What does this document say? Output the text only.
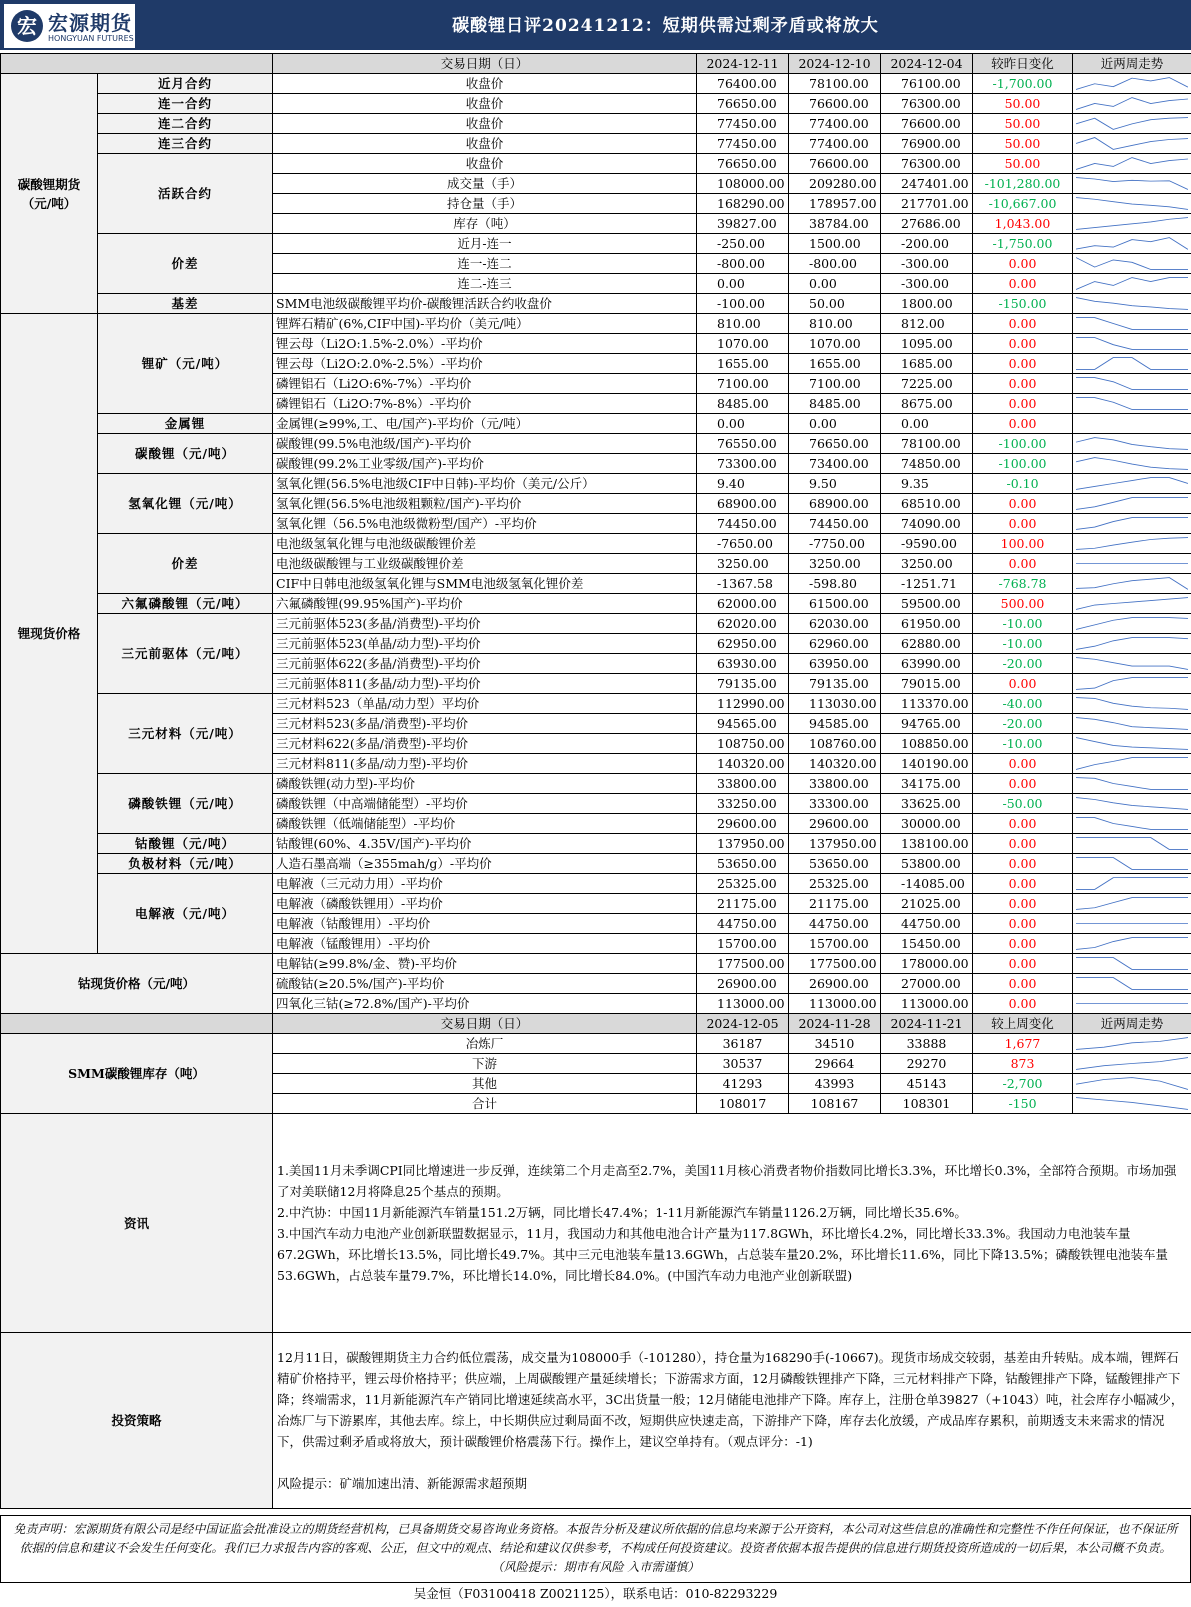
宏 宏源期货
HONGYUAN FUTURES
碳酸锂日评20241212：短期供需过剩矛盾或将放大
		交易日期（日）	2024-12-11	2024-12-10	2024-12-04	较昨日变化	近两周走势
碳酸锂期货
（元/吨）	近月合约	收盘价	76400.00	78100.00	76100.00	-1,700.00	

	连一合约	收盘价	76650.00	76600.00	76300.00	50.00	

	连二合约	收盘价	77450.00	77400.00	76600.00	50.00	

	连三合约	收盘价	77450.00	77400.00	76900.00	50.00	

	活跃合约	收盘价	76650.00	76600.00	76300.00	50.00	

		成交量（手）	108000.00	209280.00	247401.00	-101,280.00	

		持仓量（手）	168290.00	178957.00	217701.00	-10,667.00	

		库存（吨）	39827.00	38784.00	27686.00	1,043.00	

	价差	近月-连一	-250.00	1500.00	-200.00	-1,750.00	

		连一-连二	-800.00	-800.00	-300.00	0.00	

		连二-连三	0.00	0.00	-300.00	0.00	

	基差	SMM电池级碳酸锂平均价-碳酸锂活跃合约收盘价	-100.00	50.00	1800.00	-150.00	

锂现货价格	锂矿（元/吨）	锂辉石精矿(6%,CIF中国)-平均价（美元/吨）	810.00	810.00	812.00	0.00	

		锂云母（Li2O:1.5%-2.0%）-平均价	1070.00	1070.00	1095.00	0.00	

		锂云母（Li2O:2.0%-2.5%）-平均价	1655.00	1655.00	1685.00	0.00	

		磷锂铝石（Li2O:6%-7%）-平均价	7100.00	7100.00	7225.00	0.00	

		磷锂铝石（Li2O:7%-8%）-平均价	8485.00	8485.00	8675.00	0.00	

	金属锂	金属锂(≥99%,工、电/国产)-平均价（元/吨）	0.00	0.00	0.00	0.00	
	碳酸锂（元/吨）	碳酸锂(99.5%电池级/国产)-平均价	76550.00	76650.00	78100.00	-100.00	

		碳酸锂(99.2%工业零级/国产)-平均价	73300.00	73400.00	74850.00	-100.00	

	氢氧化锂（元/吨）	氢氧化锂(56.5%电池级CIF中日韩)-平均价（美元/公斤）	9.40	9.50	9.35	-0.10	

		氢氧化锂(56.5%电池级粗颗粒/国产)-平均价	68900.00	68900.00	68510.00	0.00	

		氢氧化锂（56.5%电池级微粉型/国产）-平均价	74450.00	74450.00	74090.00	0.00	

	价差	电池级氢氧化锂与电池级碳酸锂价差	-7650.00	-7750.00	-9590.00	100.00	

		电池级碳酸锂与工业级碳酸锂价差	3250.00	3250.00	3250.00	0.00	

		CIF中日韩电池级氢氧化锂与SMM电池级氢氧化锂价差	-1367.58	-598.80	-1251.71	-768.78	

	六氟磷酸锂（元/吨）	六氟磷酸锂(99.95%国产)-平均价	62000.00	61500.00	59500.00	500.00	

	三元前驱体（元/吨）	三元前驱体523(多晶/消费型)-平均价	62020.00	62030.00	61950.00	-10.00	

		三元前驱体523(单晶/动力型)-平均价	62950.00	62960.00	62880.00	-10.00	

		三元前驱体622(多晶/消费型)-平均价	63930.00	63950.00	63990.00	-20.00	

		三元前驱体811(多晶/动力型)-平均价	79135.00	79135.00	79015.00	0.00	

	三元材料（元/吨）	三元材料523（单晶/动力型）平均价	112990.00	113030.00	113370.00	-40.00	

		三元材料523(多晶/消费型)-平均价	94565.00	94585.00	94765.00	-20.00	

		三元材料622(多晶/消费型)-平均价	108750.00	108760.00	108850.00	-10.00	

		三元材料811(多晶/动力型)-平均价	140320.00	140320.00	140190.00	0.00	

	磷酸铁锂（元/吨）	磷酸铁锂(动力型)-平均价	33800.00	33800.00	34175.00	0.00	

		磷酸铁锂（中高端储能型）-平均价	33250.00	33300.00	33625.00	-50.00	

		磷酸铁锂（低端储能型）-平均价	29600.00	29600.00	30000.00	0.00	

	钴酸锂（元/吨）	钴酸锂(60%、4.35V/国产)-平均价	137950.00	137950.00	138100.00	0.00	

	负极材料（元/吨）	人造石墨高端（≥355mah/g）-平均价	53650.00	53650.00	53800.00	0.00	

	电解液（元/吨）	电解液（三元动力用）-平均价	25325.00	25325.00	-14085.00	0.00	

		电解液（磷酸铁锂用）-平均价	21175.00	21175.00	21025.00	0.00	

		电解液（钴酸锂用）-平均价	44750.00	44750.00	44750.00	0.00	

		电解液（锰酸锂用）-平均价	15700.00	15700.00	15450.00	0.00	

钴现货价格（元/吨）		电解钴(≥99.8%/金、赞)-平均价	177500.00	177500.00	178000.00	0.00	

		硫酸钴(≥20.5%/国产)-平均价	26900.00	26900.00	27000.00	0.00	

		四氧化三钴(≥72.8%/国产)-平均价	113000.00	113000.00	113000.00	0.00	

		交易日期（日）	2024-12-05	2024-11-28	2024-11-21	较上周变化	近两周走势
SMM碳酸锂库存（吨）		冶炼厂	36187	34510	33888	1,677	

		下游	30537	29664	29270	873	

		其他	41293	43993	45143	-2,700	

		合计	108017	108167	108301	-150	

资讯		1.美国11月未季调CPI同比增速进一步反弹，连续第二个月走高至2.7%，美国11月核心消费者物价指数同比增长3.3%，环比增长0.3%，全部符合预期。市场加强了对美联储12月将降息25个基点的预期。
2.中汽协：中国11月新能源汽车销量151.2万辆，同比增长47.4%；1-11月新能源汽车销量1126.2万辆，同比增长35.6%。
3.中国汽车动力电池产业创新联盟数据显示，11月，我国动力和其他电池合计产量为117.8GWh，环比增长4.2%，同比增长33.3%。我国动力电池装车量67.2GWh，环比增长13.5%，同比增长49.7%。其中三元电池装车量13.6GWh，占总装车量20.2%，环比增长11.6%，同比下降13.5%；磷酸铁锂电池装车量53.6GWh，占总装车量79.7%，环比增长14.0%，同比增长84.0%。(中国汽车动力电池产业创新联盟)					
投资策略		12月11日，碳酸锂期货主力合约低位震荡，成交量为108000手（-101280），持仓量为168290手(-10667)。现货市场成交较弱，基差由升转贴。成本端，锂辉石精矿价格持平，锂云母价格持平；供应端，上周碳酸锂产量延续增长；下游需求方面，12月磷酸铁锂排产下降，三元材料排产下降，钴酸锂排产下降，锰酸锂排产下降；终端需求，11月新能源汽车产销同比增速延续高水平，3C出货量一般；12月储能电池排产下降。库存上，注册仓单39827（+1043）吨，社会库存小幅减少，冶炼厂与下游累库，其他去库。综上，中长期供应过剩局面不改，短期供应快速走高，下游排产下降，库存去化放缓，产成品库存累积，前期透支未来需求的情况下，供需过剩矛盾或将放大，预计碳酸锂价格震荡下行。操作上，建议空单持有。（观点评分：-1)

风险提示：矿端加速出清、新能源需求超预期					
免责声明：宏源期货有限公司是经中国证监会批准设立的期货经营机构，已具备期货交易咨询业务资格。本报告分析及建议所依据的信息均来源于公开资料，本公司对这些信息的准确性和完整性不作任何保证，也不保证所依据的信息和建议不会发生任何变化。我们已力求报告内容的客观、公正，但文中的观点、结论和建议仅供参考，不构成任何投资建议。投资者依据本报告提供的信息进行期货投资所造成的一切后果，本公司概不负责。（风险提示：期市有风险 入市需谨慎）
吴金恒（F03100418 Z0021125），联系电话：010-82293229
